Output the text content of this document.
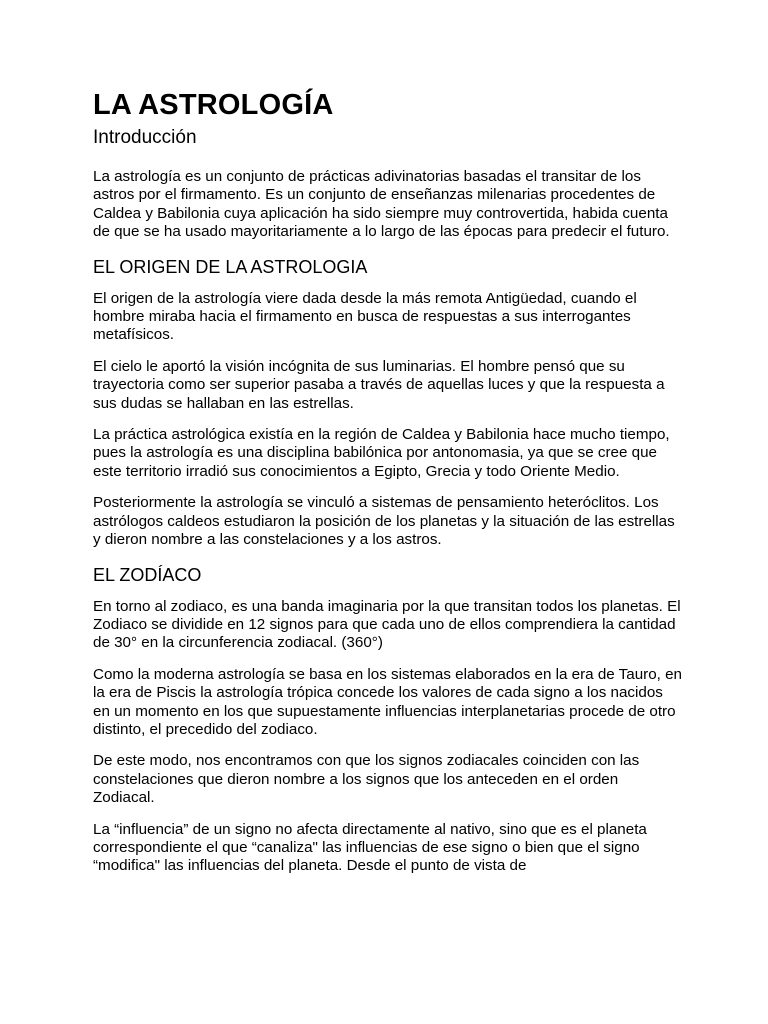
LA ASTROLOGÍA
Introducción

La astrología es un conjunto de prácticas adivinatorias basadas el transitar de los astros por el firmamento. Es un conjunto de enseñanzas milenarias procedentes de Caldea y Babilonia cuya aplicación ha sido siempre muy controvertida, habida cuenta de que se ha usado mayoritariamente a lo largo de las épocas para predecir el futuro.

EL ORIGEN DE LA ASTROLOGIA

El origen de la astrología viere dada desde la más remota Antigüedad, cuando el hombre miraba hacia el firmamento en busca de respuestas a sus interrogantes metafísicos.

El cielo le aportó la visión incógnita de sus luminarias. El hombre pensó que su trayectoria como ser superior pasaba a través de aquellas luces y que la respuesta a sus dudas se hallaban en las estrellas.

La práctica astrológica existía en la región de Caldea y Babilonia hace mucho tiempo, pues la astrología es una disciplina babilónica por antonomasia, ya que se cree que este territorio irradió sus conocimientos a Egipto, Grecia y todo Oriente Medio.

Posteriormente la astrología se vinculó a sistemas de pensamiento heteróclitos. Los astrólogos caldeos estudiaron la posición de los planetas y la situación de las estrellas y dieron nombre a las constelaciones y a los astros.

EL ZODÍACO

En torno al zodiaco, es una banda imaginaria por la que transitan todos los planetas. El Zodiaco se dividide en 12 signos para que cada uno de ellos comprendiera la cantidad de 30° en la circunferencia zodiacal. (360°)

Como la moderna astrología se basa en los sistemas elaborados en la era de Tauro, en la era de Piscis la astrología trópica concede los valores de cada signo a los nacidos en un momento en los que supuestamente influencias interplanetarias procede de otro distinto, el precedido del zodiaco.

De este modo, nos encontramos con que los signos zodiacales coinciden con las constelaciones que dieron nombre a los signos que los anteceden en el orden Zodiacal.

La “influencia” de un signo no afecta directamente al nativo, sino que es el planeta correspondiente el que “canaliza" las influencias de ese signo o bien que el signo “modifica" las influencias del planeta. Desde el punto de vista de
